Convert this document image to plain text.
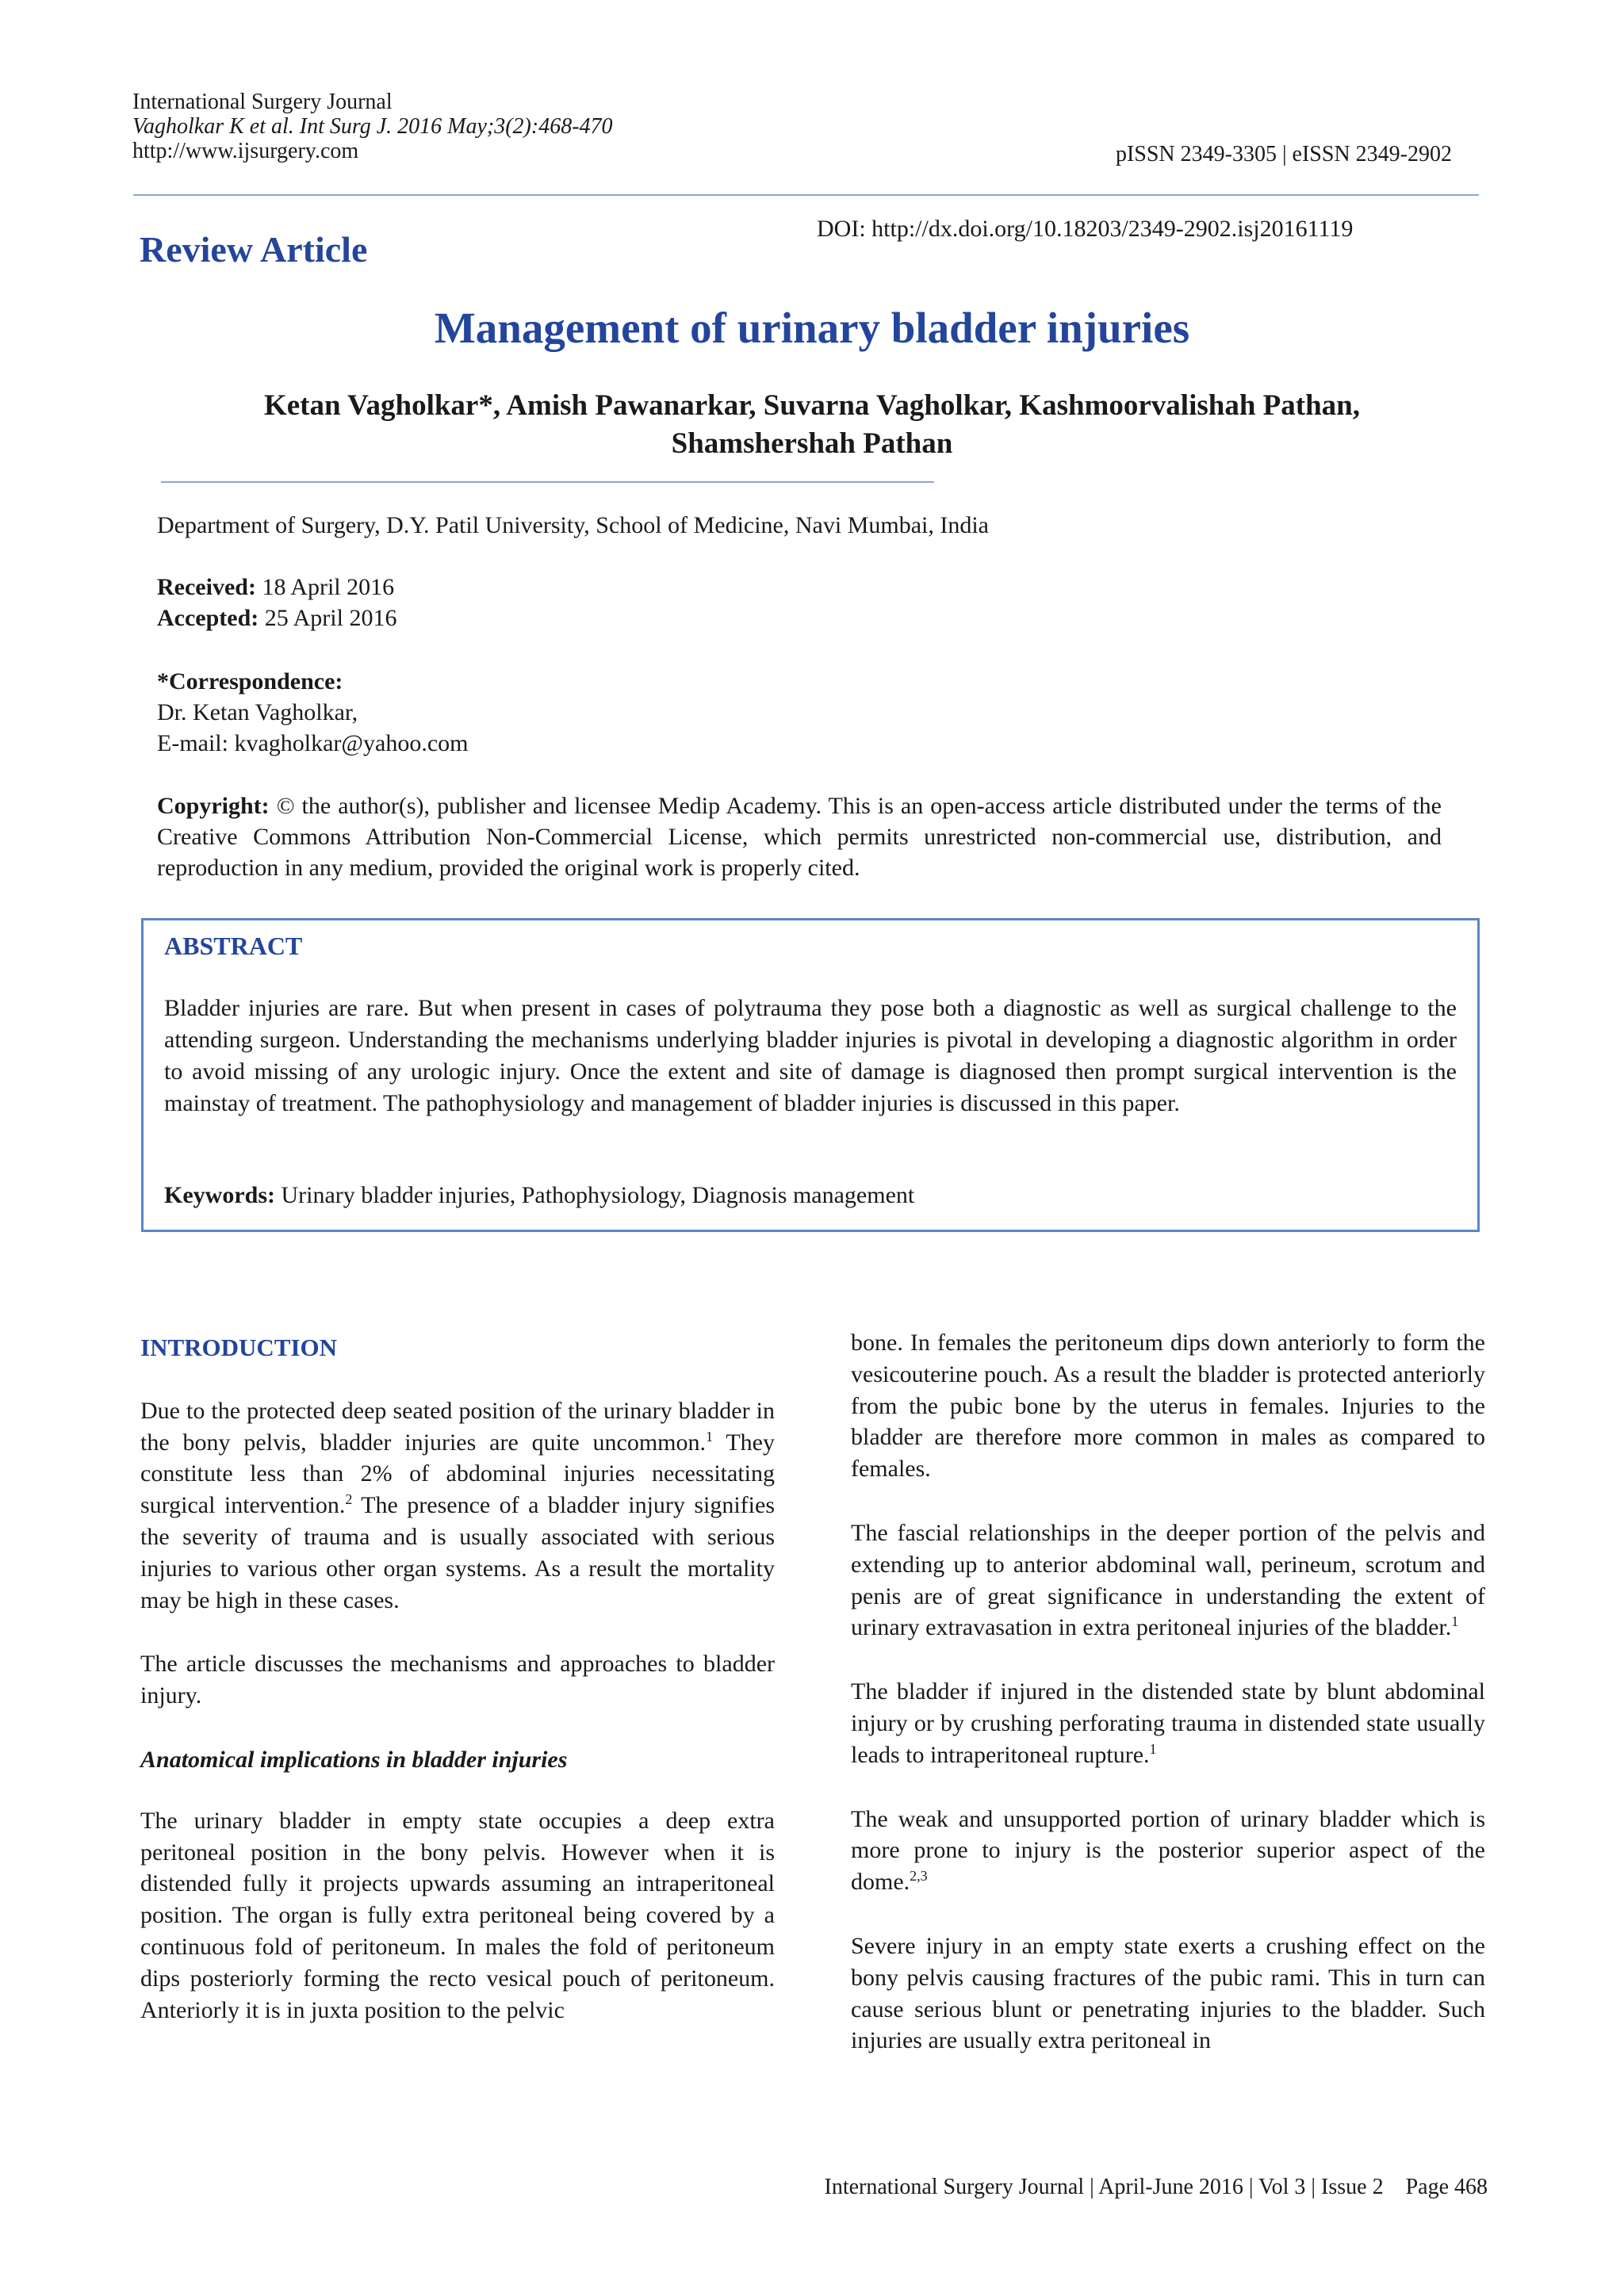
International Surgery Journal
Vagholkar K et al. Int Surg J. 2016 May;3(2):468-470
http://www.ijsurgery.com	pISSN 2349-3305 | eISSN 2349-2902
Review Article
DOI: http://dx.doi.org/10.18203/2349-2902.isj20161119
Management of urinary bladder injuries
Ketan Vagholkar*, Amish Pawanarkar, Suvarna Vagholkar, Kashmoorvalishah Pathan,
Shamshershah Pathan
Department of Surgery, D.Y. Patil University, School of Medicine, Navi Mumbai, India
Received: 18 April 2016
Accepted: 25 April 2016
*Correspondence:
Dr. Ketan Vagholkar,
E-mail: kvagholkar@yahoo.com
Copyright: © the author(s), publisher and licensee Medip Academy. This is an open-access article distributed under the terms of the Creative Commons Attribution Non-Commercial License, which permits unrestricted non-commercial use, distribution, and reproduction in any medium, provided the original work is properly cited.
ABSTRACT
Bladder injuries are rare. But when present in cases of polytrauma they pose both a diagnostic as well as surgical challenge to the attending surgeon. Understanding the mechanisms underlying bladder injuries is pivotal in developing a diagnostic algorithm in order to avoid missing of any urologic injury. Once the extent and site of damage is diagnosed then prompt surgical intervention is the mainstay of treatment. The pathophysiology and management of bladder injuries is discussed in this paper.
Keywords: Urinary bladder injuries, Pathophysiology, Diagnosis management

INTRODUCTION

Due to the protected deep seated position of the urinary bladder in the bony pelvis, bladder injuries are quite uncommon.$^1$ They constitute less than 2% of abdominal injuries necessitating surgical intervention.$^2$ The presence of a bladder injury signifies the severity of trauma and is usually associated with serious injuries to various other organ systems. As a result the mortality may be high in these cases.

The article discusses the mechanisms and approaches to bladder injury.

Anatomical implications in bladder injuries

The urinary bladder in empty state occupies a deep extra peritoneal position in the bony pelvis. However when it is distended fully it projects upwards assuming an intraperitoneal position. The organ is fully extra peritoneal being covered by a continuous fold of peritoneum. In males the fold of peritoneum dips posteriorly forming the recto vesical pouch of peritoneum. Anteriorly it is in juxta position to the pelvic

bone. In females the peritoneum dips down anteriorly to form the vesicouterine pouch. As a result the bladder is protected anteriorly from the pubic bone by the uterus in females. Injuries to the bladder are therefore more common in males as compared to females.

The fascial relationships in the deeper portion of the pelvis and extending up to anterior abdominal wall, perineum, scrotum and penis are of great significance in understanding the extent of urinary extravasation in extra peritoneal injuries of the bladder.$^1$

The bladder if injured in the distended state by blunt abdominal injury or by crushing perforating trauma in distended state usually leads to intraperitoneal rupture.$^1$

The weak and unsupported portion of urinary bladder which is more prone to injury is the posterior superior aspect of the dome.$^{2,3}$

Severe injury in an empty state exerts a crushing effect on the bony pelvis causing fractures of the pubic rami. This in turn can cause serious blunt or penetrating injuries to the bladder. Such injuries are usually extra peritoneal in

International Surgery Journal | April-June 2016 | Vol 3 | Issue 2    Page 468
